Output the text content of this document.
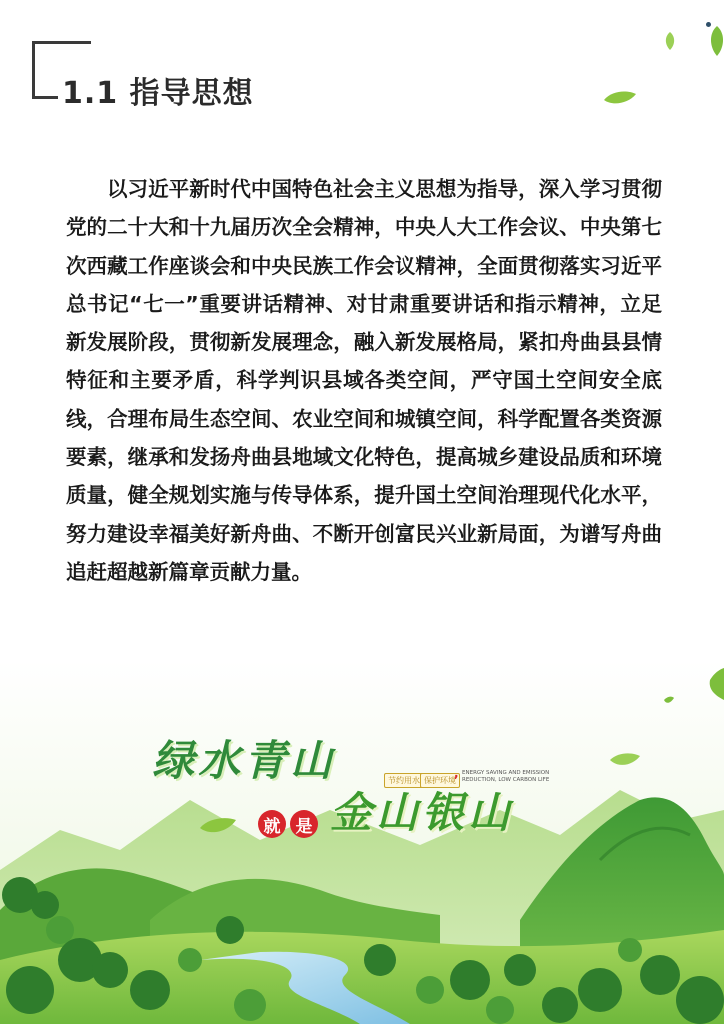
1.1 指导思想

以习近平新时代中国特色社会主义思想为指导，深入学习贯彻党的二十大和十九届历次全会精神，中央人大工作会议、中央第七次西藏工作座谈会和中央民族工作会议精神，全面贯彻落实习近平总书记“七一”重要讲话精神、对甘肃重要讲话和指示精神，立足新发展阶段，贯彻新发展理念，融入新发展格局，紧扣舟曲县县情特征和主要矛盾，科学判识县域各类空间，严守国土空间安全底线，合理布局生态空间、农业空间和城镇空间，科学配置各类资源要素，继承和发扬舟曲县地域文化特色，提高城乡建设品质和环境质量，健全规划实施与传导体系，提升国土空间治理现代化水平，努力建设幸福美好新舟曲、不断开创富民兴业新局面，为谱写舟曲追赶超越新篇章贡献力量。

绿水青山
就 是 金山银山
节约用水 保护环境
, ENERGY SAVING AND EMISSION REDUCTION, LOW CARBON LIFE
